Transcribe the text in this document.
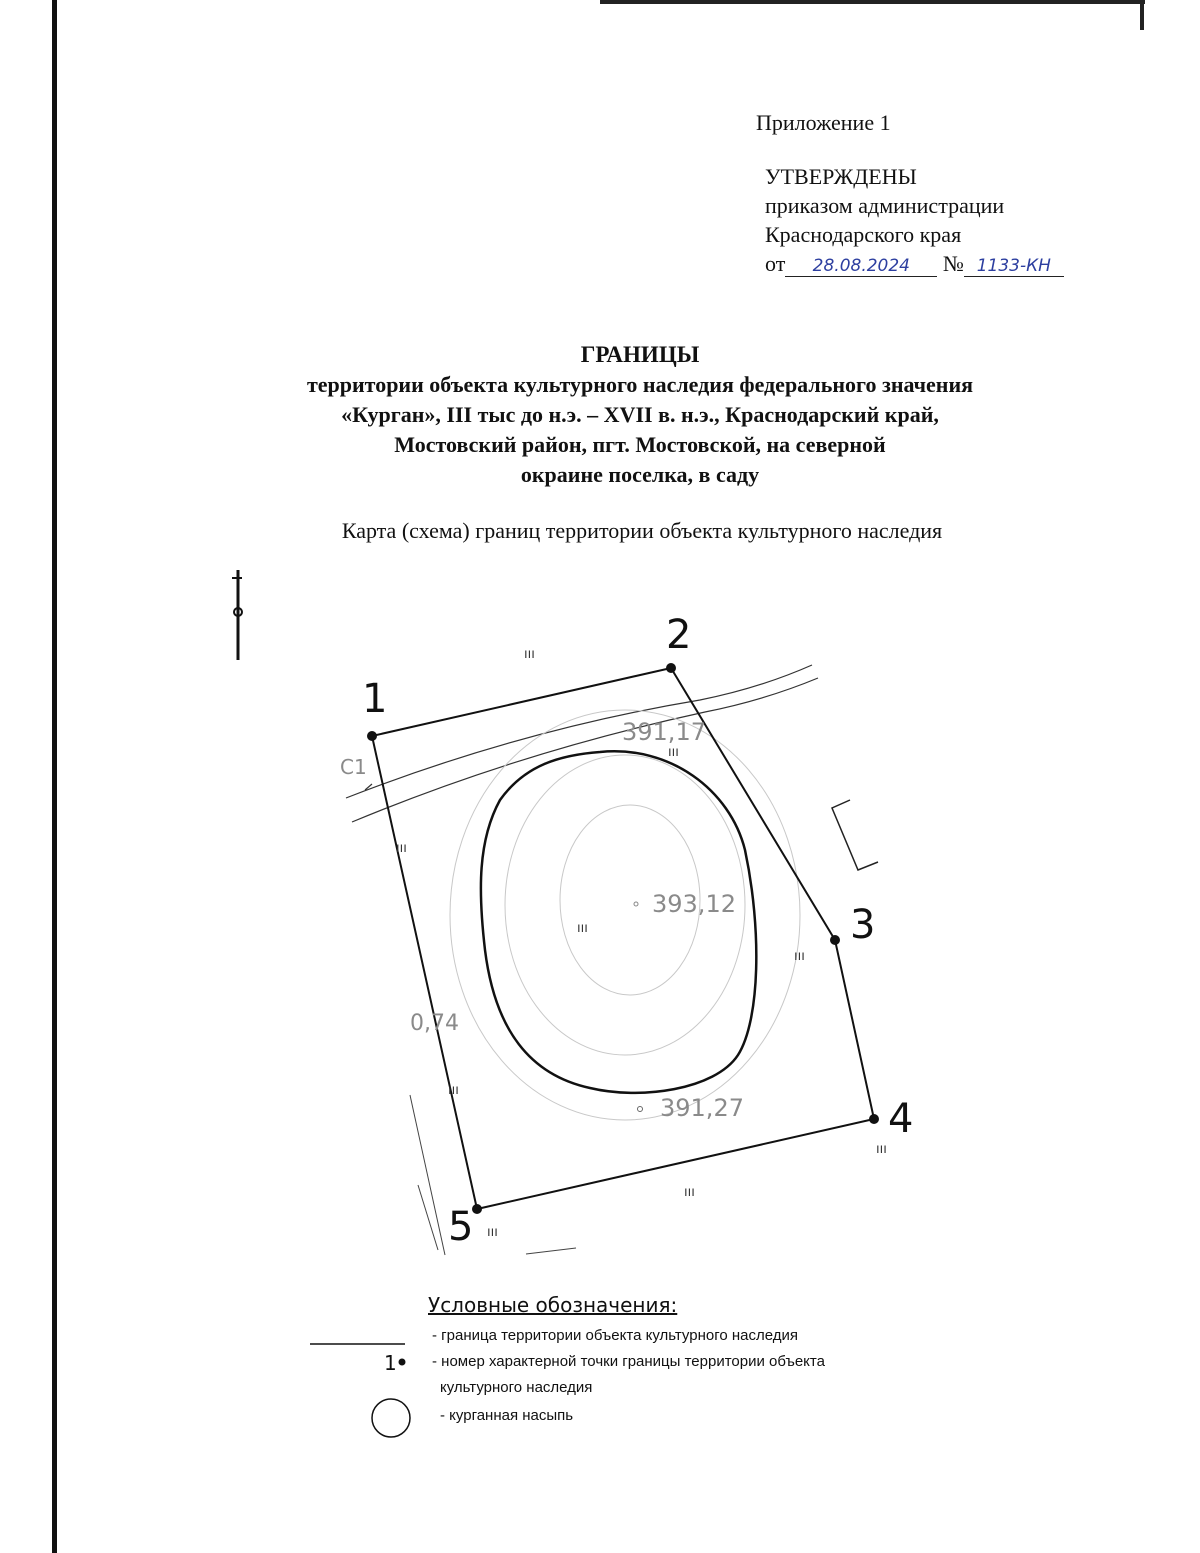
Приложение 1
УТВЕРЖДЕНЫ
приказом администрации
Краснодарского края
от 28.08.2024 № 1133-КН
ГРАНИЦЫ
территории объекта культурного наследия федерального значения
«Курган», III тыс до н.э. – XVII в. н.э., Краснодарский край,
Мостовский район, пгт. Мостовской, на северной
окраине поселка, в саду
Карта (схема) границ территории объекта культурного наследия
1
2
3
4
5
391,17
393,12
391,27
С1
0,74
ııı
ııı
ııı
ııı
ııı
ııı
ııı
ııı
ııı
1
Условные обозначения:
- граница территории объекта культурного наследия
- номер характерной точки границы территории объекта
культурного наследия
- курганная насыпь
